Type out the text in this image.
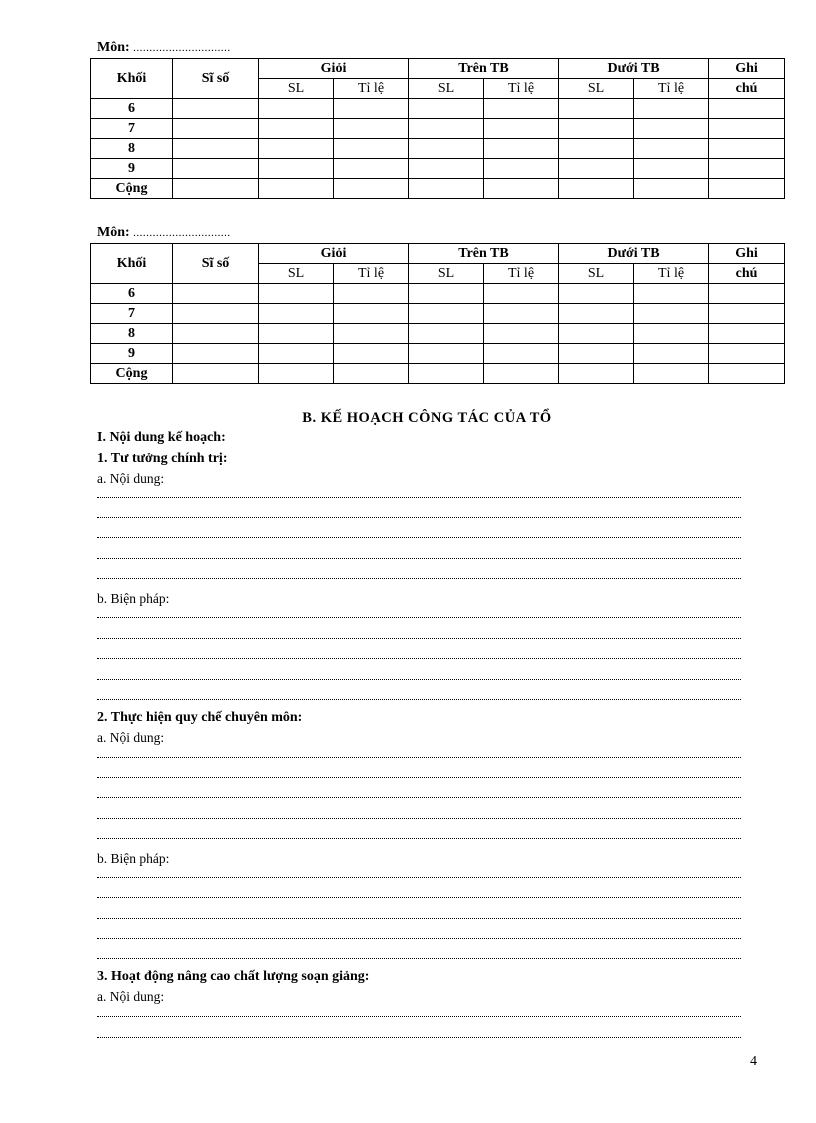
Môn: ..............................
Khối	Sĩ số	Giỏi		Trên TB		Dưới TB		Ghi
		SL	Tỉ lệ	SL	Tỉ lệ	SL	Tỉ lệ	chú
6								
7								
8								
9								
Cộng								
Môn: ..............................
Khối	Sĩ số	Giỏi		Trên TB		Dưới TB		Ghi
		SL	Tỉ lệ	SL	Tỉ lệ	SL	Tỉ lệ	chú
6								
7								
8								
9								
Cộng								
B. KẾ HOẠCH CÔNG TÁC CỦA TỔ
I. Nội dung kế hoạch:
1. Tư tưởng chính trị:
a. Nội dung:
b. Biện pháp:
2. Thực hiện quy chế chuyên môn:
a. Nội dung:
b. Biện pháp:
3. Hoạt động nâng cao chất lượng soạn giảng:
a. Nội dung:
4
